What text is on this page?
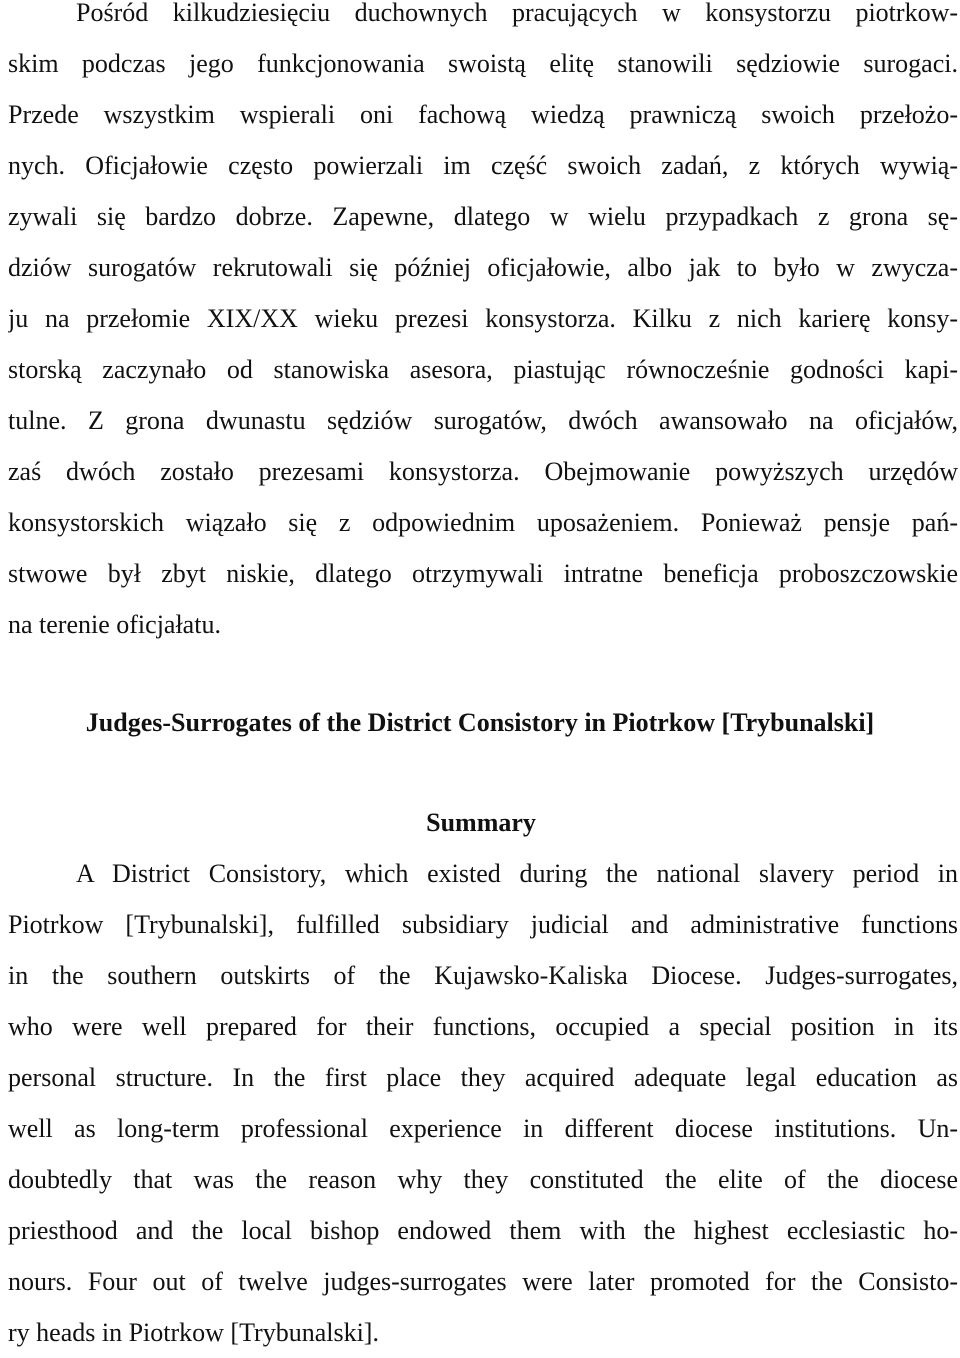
Pośród kilkudziesięciu duchownych pracujących w konsystorzu piotrkow-
skim podczas jego funkcjonowania swoistą elitę stanowili sędziowie surogaci.
Przede wszystkim wspierali oni fachową wiedzą prawniczą swoich przełożo-
nych. Oficjałowie często powierzali im część swoich zadań, z których wywią-
zywali się bardzo dobrze. Zapewne, dlatego w wielu przypadkach z grona sę-
dziów surogatów rekrutowali się później oficjałowie, albo jak to było w zwycza-
ju na przełomie XIX/XX wieku prezesi konsystorza. Kilku z nich karierę konsy-
storską zaczynało od stanowiska asesora, piastując równocześnie godności kapi-
tulne. Z grona dwunastu sędziów surogatów, dwóch awansowało na oficjałów,
zaś dwóch zostało prezesami konsystorza. Obejmowanie powyższych urzędów
konsystorskich wiązało się z odpowiednim uposażeniem. Ponieważ pensje pań-
stwowe był zbyt niskie, dlatego otrzymywali intratne beneficja proboszczowskie
na terenie oficjałatu.
Judges-Surrogates of the District Consistory in Piotrkow [Trybunalski]
Summary
A District Consistory, which existed during the national slavery period in
Piotrkow [Trybunalski], fulfilled subsidiary judicial and administrative functions
in the southern outskirts of the Kujawsko-Kaliska Diocese. Judges-surrogates,
who were well prepared for their functions, occupied a special position in its
personal structure. In the first place they acquired adequate legal education as
well as long-term professional experience in different diocese institutions. Un-
doubtedly that was the reason why they constituted the elite of the diocese
priesthood and the local bishop endowed them with the highest ecclesiastic ho-
nours. Four out of twelve judges-surrogates were later promoted for the Consisto-
ry heads in Piotrkow [Trybunalski].
